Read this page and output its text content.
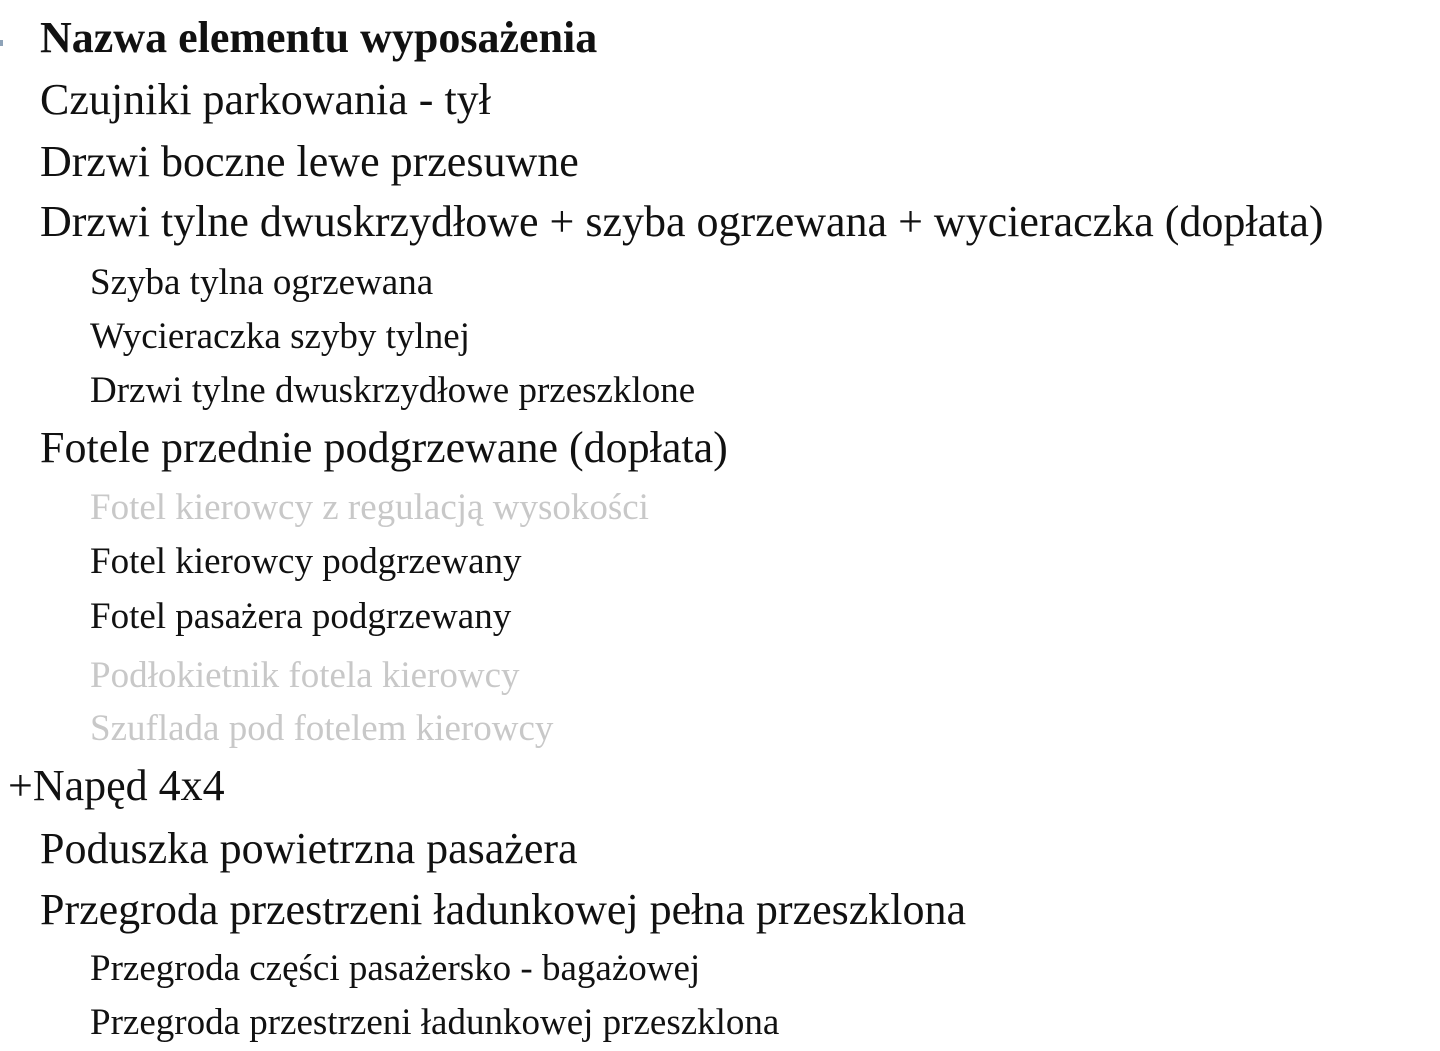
Nazwa elementu wyposażenia
Czujniki parkowania - tył
Drzwi boczne lewe przesuwne
Drzwi tylne dwuskrzydłowe + szyba ogrzewana + wycieraczka (dopłata)
Szyba tylna ogrzewana
Wycieraczka szyby tylnej
Drzwi tylne dwuskrzydłowe przeszklone
Fotele przednie podgrzewane (dopłata)
Fotel kierowcy z regulacją wysokości
Fotel kierowcy podgrzewany
Fotel pasażera podgrzewany
Podłokietnik fotela kierowcy
Szuflada pod fotelem kierowcy
+Napęd 4x4
Poduszka powietrzna pasażera
Przegroda przestrzeni ładunkowej pełna przeszklona
Przegroda części pasażersko - bagażowej
Przegroda przestrzeni ładunkowej przeszklona
